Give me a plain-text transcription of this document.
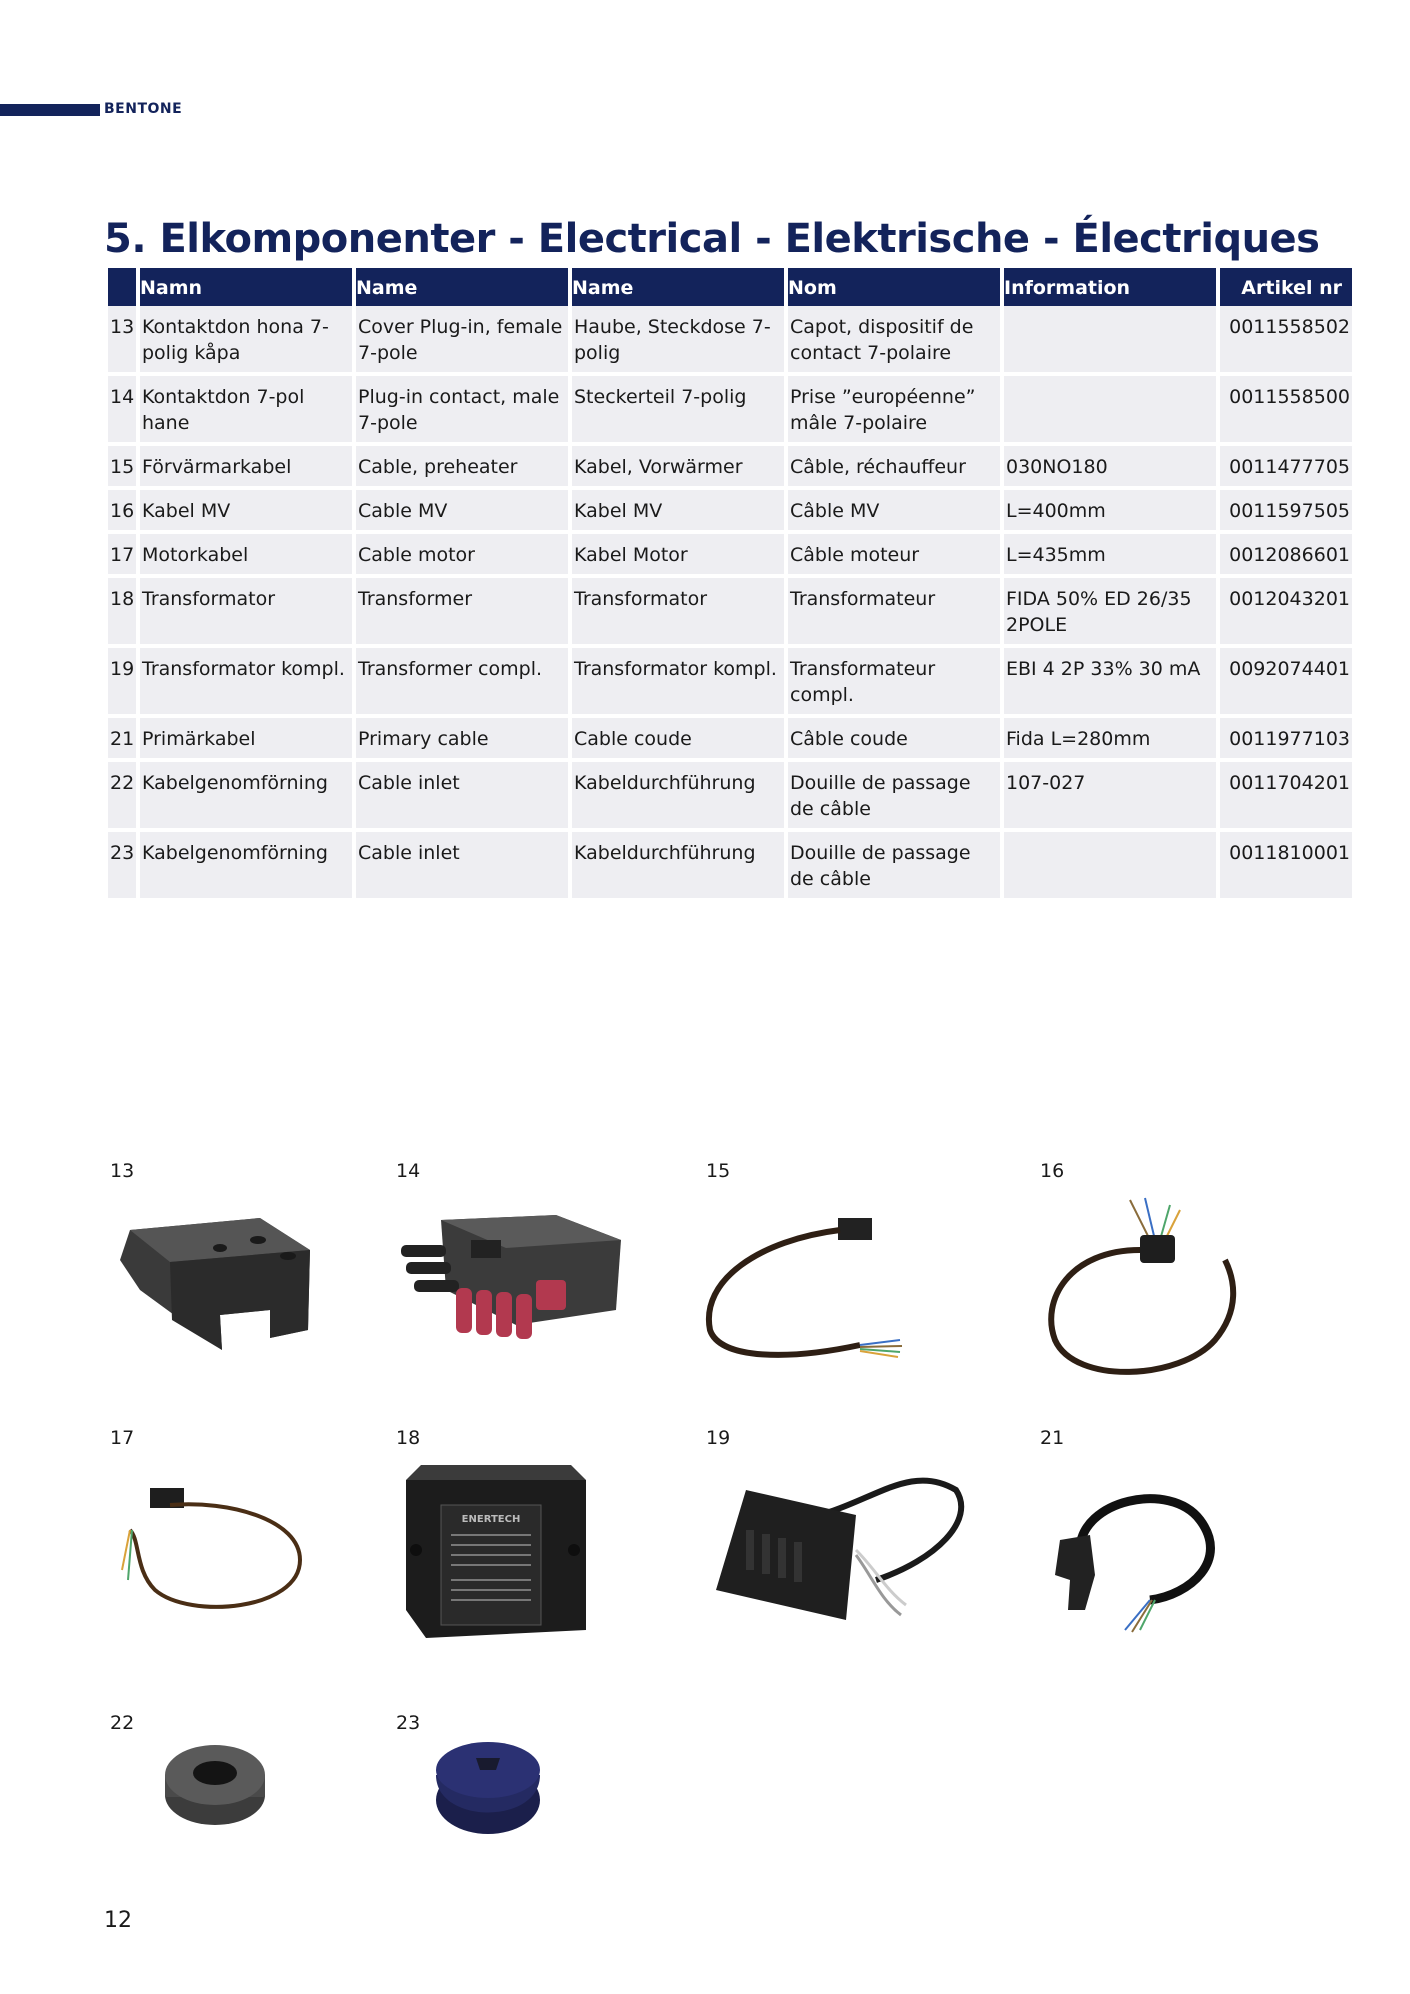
BENTONE
5. Elkomponenter - Electrical - Elektrische - Électriques
	Namn	Name	Name	Nom	Information	Artikel nr
13	Kontaktdon hona 7-polig kåpa	Cover Plug-in, female 7-pole	Haube, Steckdose 7-polig	Capot, dispositif de contact 7-polaire		0011558502

14	Kontaktdon 7-pol hane	Plug-in contact, male 7-pole	Steckerteil 7-polig	Prise ”européenne” mâle 7-polaire		0011558500

15	Förvärmarkabel	Cable, preheater	Kabel, Vorwärmer	Câble, réchauffeur	030NO180	0011477705

16	Kabel MV	Cable MV	Kabel MV	Câble MV	L=400mm	0011597505

17	Motorkabel	Cable motor	Kabel Motor	Câble moteur	L=435mm	0012086601

18	Transformator	Transformer	Transformator	Transformateur	FIDA 50% ED 26/35 2POLE	0012043201

19	Transformator kompl.	Transformer compl.	Transformator kompl.	Transformateur compl.	EBI 4 2P 33% 30 mA	0092074401

21	Primärkabel	Primary cable	Cable coude	Câble coude	Fida L=280mm	0011977103

22	Kabelgenomförning	Cable inlet	Kabeldurchführung	Douille de passage de câble	107-027	0011704201

23	Kabelgenomförning	Cable inlet	Kabeldurchführung	Douille de passage de câble		0011810001
13	14	15	16
17	18	19	21
22	23
ENERTECH
12
